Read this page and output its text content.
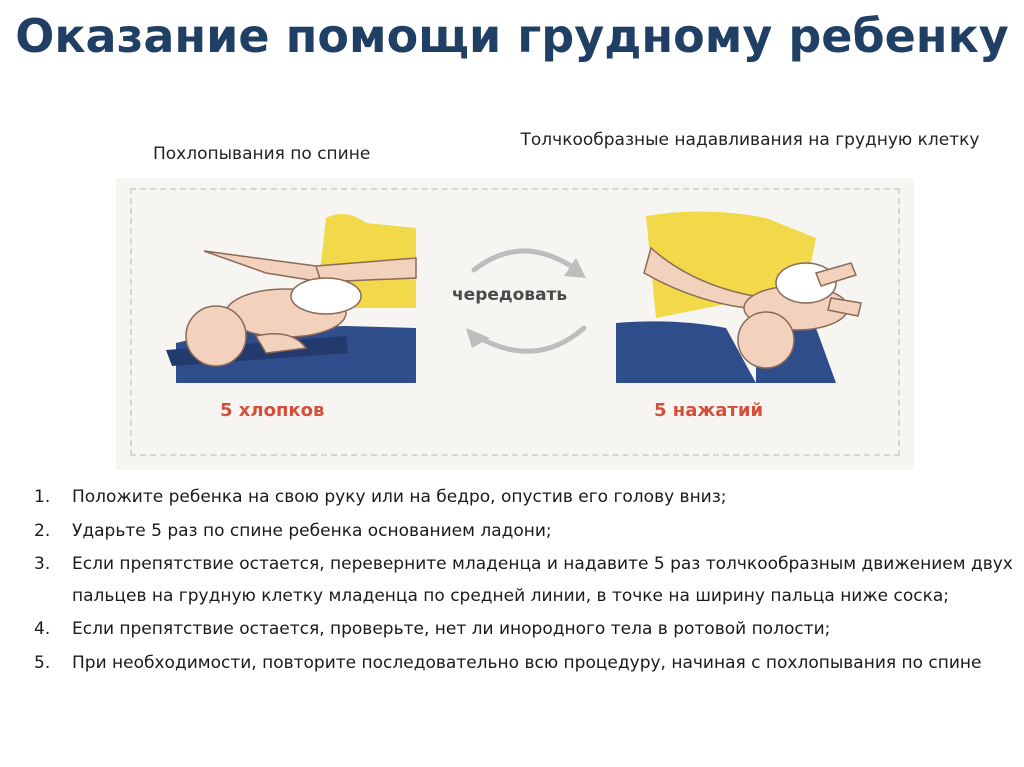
Оказание помощи грудному ребенку
Похлопывания по спине
Толчкообразные надавливания на грудную клетку
чередовать
5 хлопков	5 нажатий
1. Положите ребенка на свою руку или на бедро, опустив его голову вниз;
2. Ударьте 5 раз по спине ребенка основанием ладони;
3. Если препятствие остается, переверните младенца и надавите 5 раз толчкообразным движением двух пальцев на грудную клетку младенца по средней линии, в точке на ширину пальца ниже соска;
4. Если препятствие остается, проверьте, нет ли инородного тела в ротовой полости;
5. При необходимости, повторите последовательно всю процедуру, начиная с похлопывания по спине
